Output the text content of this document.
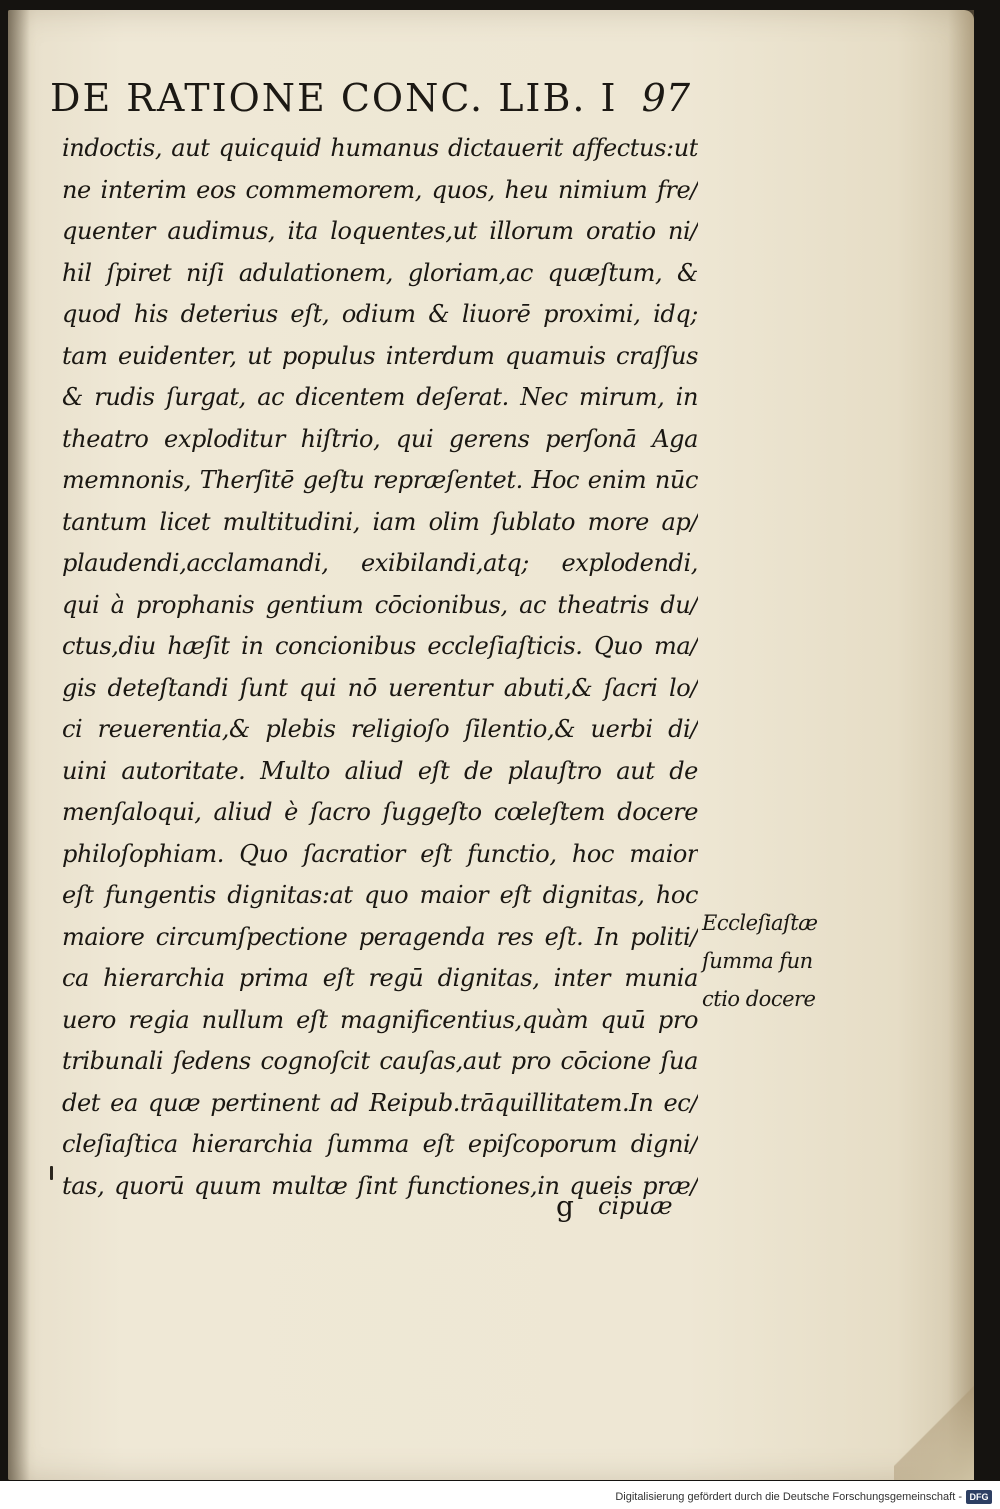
DE RATIONE CONC. LIB. I 97
indoctis, aut quicquid humanus dictauerit affectus:ut
ne interim eos commemorem, quos, heu nimium fre/
quenter audimus, ita loquentes,ut illorum oratio ni/
hil ſpiret niſi adulationem, gloriam,ac quæſtum, &
quod his deterius eſt, odium & liuorē proximi, idq;
tam euidenter, ut populus interdum quamuis craſſus
& rudis ſurgat, ac dicentem deſerat. Nec mirum, in
theatro exploditur hiſtrio, qui gerens perſonā Aga
memnonis, Therſitē geſtu repræſentet. Hoc enim nūc
tantum licet multitudini, iam olim ſublato more ap/
plaudendi,acclamandi, exibilandi,atq; explodendi,
qui à prophanis gentium cōcionibus, ac theatris du/
ctus,diu hæſit in concionibus eccleſiaſticis. Quo ma/
gis deteſtandi ſunt qui nō uerentur abuti,& ſacri lo/
ci reuerentia,& plebis religioſo ſilentio,& uerbi di/
uini autoritate. Multo aliud eſt de plauſtro aut de
menſaloqui, aliud è ſacro ſuggeſto cœleſtem docere
philoſophiam. Quo ſacratior eſt functio, hoc maior
eſt fungentis dignitas:at quo maior eſt dignitas, hoc
maiore circumſpectione peragenda res eſt. In politi/
ca hierarchia prima eſt regū dignitas, inter munia
uero regia nullum eſt magnificentius,quàm quū pro
tribunali ſedens cognoſcit cauſas,aut pro cōcione ſua
det ea quæ pertinent ad Reipub.trāquillitatem.In ec/
cleſiaſtica hierarchia ſumma eſt epiſcoporum digni/
tas, quorū quum multæ ſint functiones,in queis præ/
Eccleſiaſtæ
ſumma fun
ctio docere
g cipuæ
Digitalisierung gefördert durch die Deutsche Forschungsgemeinschaft - DFG
